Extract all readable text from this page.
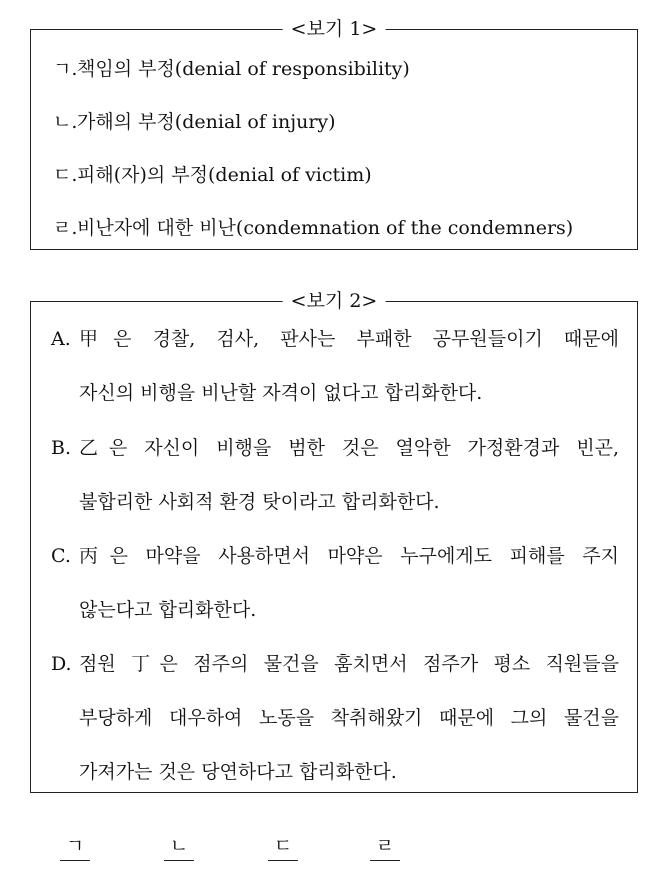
<보기 1>
ㄱ.책임의 부정(denial of responsibility)
ㄴ.가해의 부정(denial of injury)
ㄷ.피해(자)의 부정(denial of victim)
ㄹ.비난자에 대한 비난(condemnation of the condemners)
<보기 2>
A. 甲은 경찰, 검사, 판사는 부패한 공무원들이기 때문에
자신의 비행을 비난할 자격이 없다고 합리화한다.
B. 乙은 자신이 비행을 범한 것은 열악한 가정환경과 빈곤,
불합리한 사회적 환경 탓이라고 합리화한다.
C. 丙은 마약을 사용하면서 마약은 누구에게도 피해를 주지
않는다고 합리화한다.
D. 점원 丁은 점주의 물건을 훔치면서 점주가 평소 직원들을
부당하게 대우하여 노동을 착취해왔기 때문에 그의 물건을
가져가는 것은 당연하다고 합리화한다.
ㄱ	ㄴ	ㄷ	ㄹ
